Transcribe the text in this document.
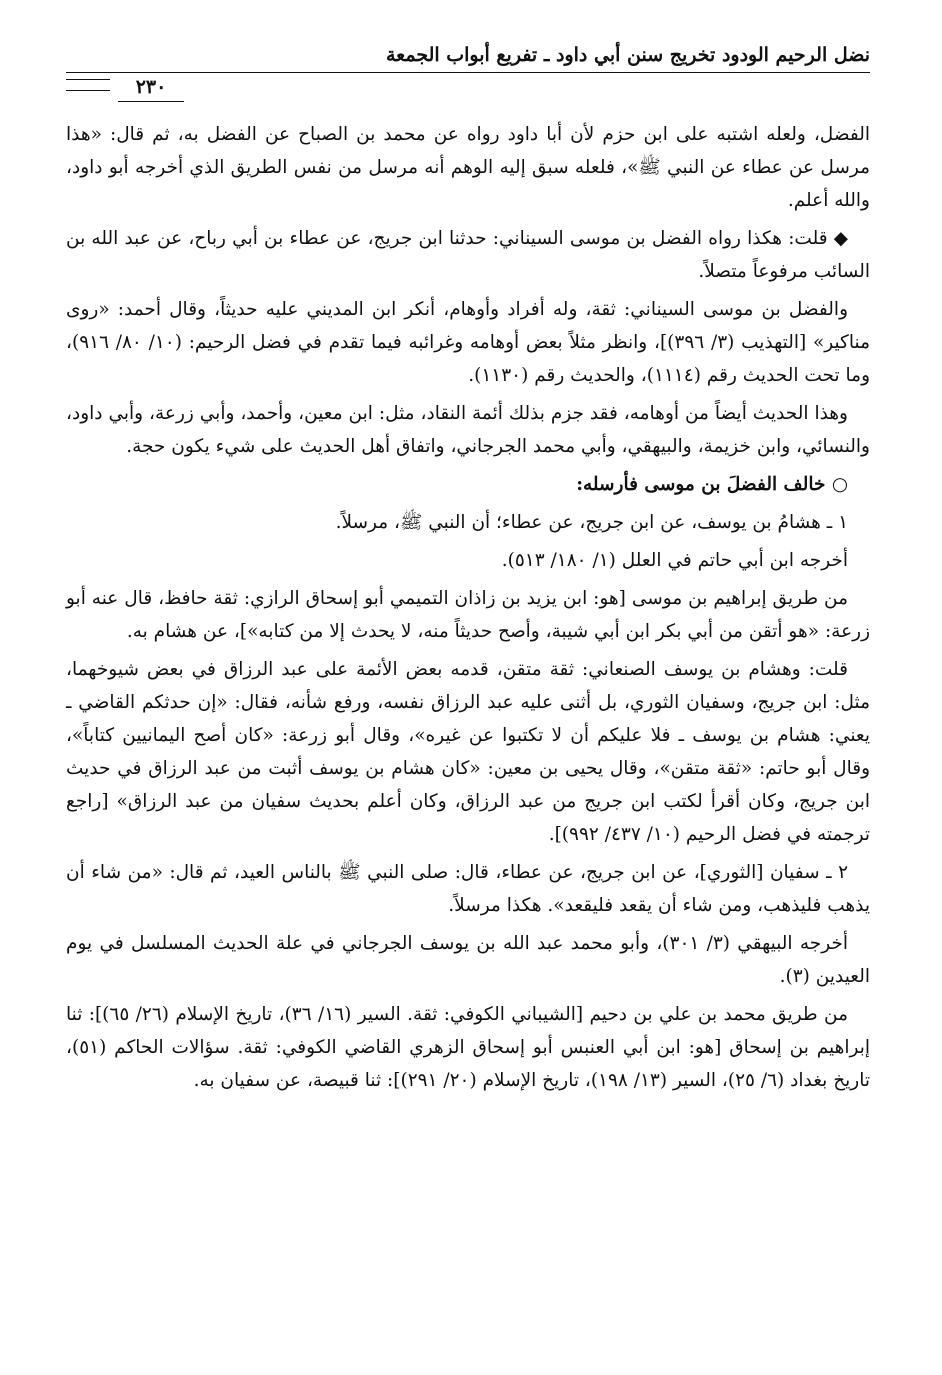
نضل الرحيم الودود تخريج سنن أبي داود ـ تفريع أبواب الجمعة
٢٣٠

الفضل، ولعله اشتبه على ابن حزم لأن أبا داود رواه عن محمد بن الصباح عن الفضل به، ثم قال: «هذا مرسل عن عطاء عن النبي ﷺ»، فلعله سبق إليه الوهم أنه مرسل من نفس الطريق الذي أخرجه أبو داود، والله أعلم.

◆ قلت: هكذا رواه الفضل بن موسى السيناني: حدثنا ابن جريج، عن عطاء بن أبي رباح، عن عبد الله بن السائب مرفوعاً متصلاً.

والفضل بن موسى السيناني: ثقة، وله أفراد وأوهام، أنكر ابن المديني عليه حديثاً، وقال أحمد: «روى مناكير» [التهذيب (٣/ ٣٩٦)]، وانظر مثلاً بعض أوهامه وغرائبه فيما تقدم في فضل الرحيم: (١٠/ ٨٠/ ٩١٦)، وما تحت الحديث رقم (١١١٤)، والحديث رقم (١١٣٠).

وهذا الحديث أيضاً من أوهامه، فقد جزم بذلك أئمة النقاد، مثل: ابن معين، وأحمد، وأبي زرعة، وأبي داود، والنسائي، وابن خزيمة، والبيهقي، وأبي محمد الجرجاني، واتفاق أهل الحديث على شيء يكون حجة.

○ خالف الفضلَ بن موسى فأرسله:

١ ـ هشامُ بن يوسف، عن ابن جريج، عن عطاء؛ أن النبي ﷺ، مرسلاً.

أخرجه ابن أبي حاتم في العلل (١/ ١٨٠/ ٥١٣).

من طريق إبراهيم بن موسى [هو: ابن يزيد بن زاذان التميمي أبو إسحاق الرازي: ثقة حافظ، قال عنه أبو زرعة: «هو أتقن من أبي بكر ابن أبي شيبة، وأصح حديثاً منه، لا يحدث إلا من كتابه»]، عن هشام به.

قلت: وهشام بن يوسف الصنعاني: ثقة متقن، قدمه بعض الأئمة على عبد الرزاق في بعض شيوخهما، مثل: ابن جريج، وسفيان الثوري، بل أثنى عليه عبد الرزاق نفسه، ورفع شأنه، فقال: «إن حدثكم القاضي ـ يعني: هشام بن يوسف ـ فلا عليكم أن لا تكتبوا عن غيره»، وقال أبو زرعة: «كان أصح اليمانيين كتاباً»، وقال أبو حاتم: «ثقة متقن»، وقال يحيى بن معين: «كان هشام بن يوسف أثبت من عبد الرزاق في حديث ابن جريج، وكان أقرأ لكتب ابن جريج من عبد الرزاق، وكان أعلم بحديث سفيان من عبد الرزاق» [راجع ترجمته في فضل الرحيم (١٠/ ٤٣٧/ ٩٩٢)].

٢ ـ سفيان [الثوري]، عن ابن جريج، عن عطاء، قال: صلى النبي ﷺ بالناس العيد، ثم قال: «من شاء أن يذهب فليذهب، ومن شاء أن يقعد فليقعد». هكذا مرسلاً.

أخرجه البيهقي (٣/ ٣٠١)، وأبو محمد عبد الله بن يوسف الجرجاني في علة الحديث المسلسل في يوم العيدين (٣).

من طريق محمد بن علي بن دحيم [الشيباني الكوفي: ثقة. السير (١٦/ ٣٦)، تاريخ الإسلام (٢٦/ ٦٥)]: ثنا إبراهيم بن إسحاق [هو: ابن أبي العنبس أبو إسحاق الزهري القاضي الكوفي: ثقة. سؤالات الحاكم (٥١)، تاريخ بغداد (٦/ ٢٥)، السير (١٣/ ١٩٨)، تاريخ الإسلام (٢٠/ ٢٩١)]: ثنا قبيصة، عن سفيان به.
